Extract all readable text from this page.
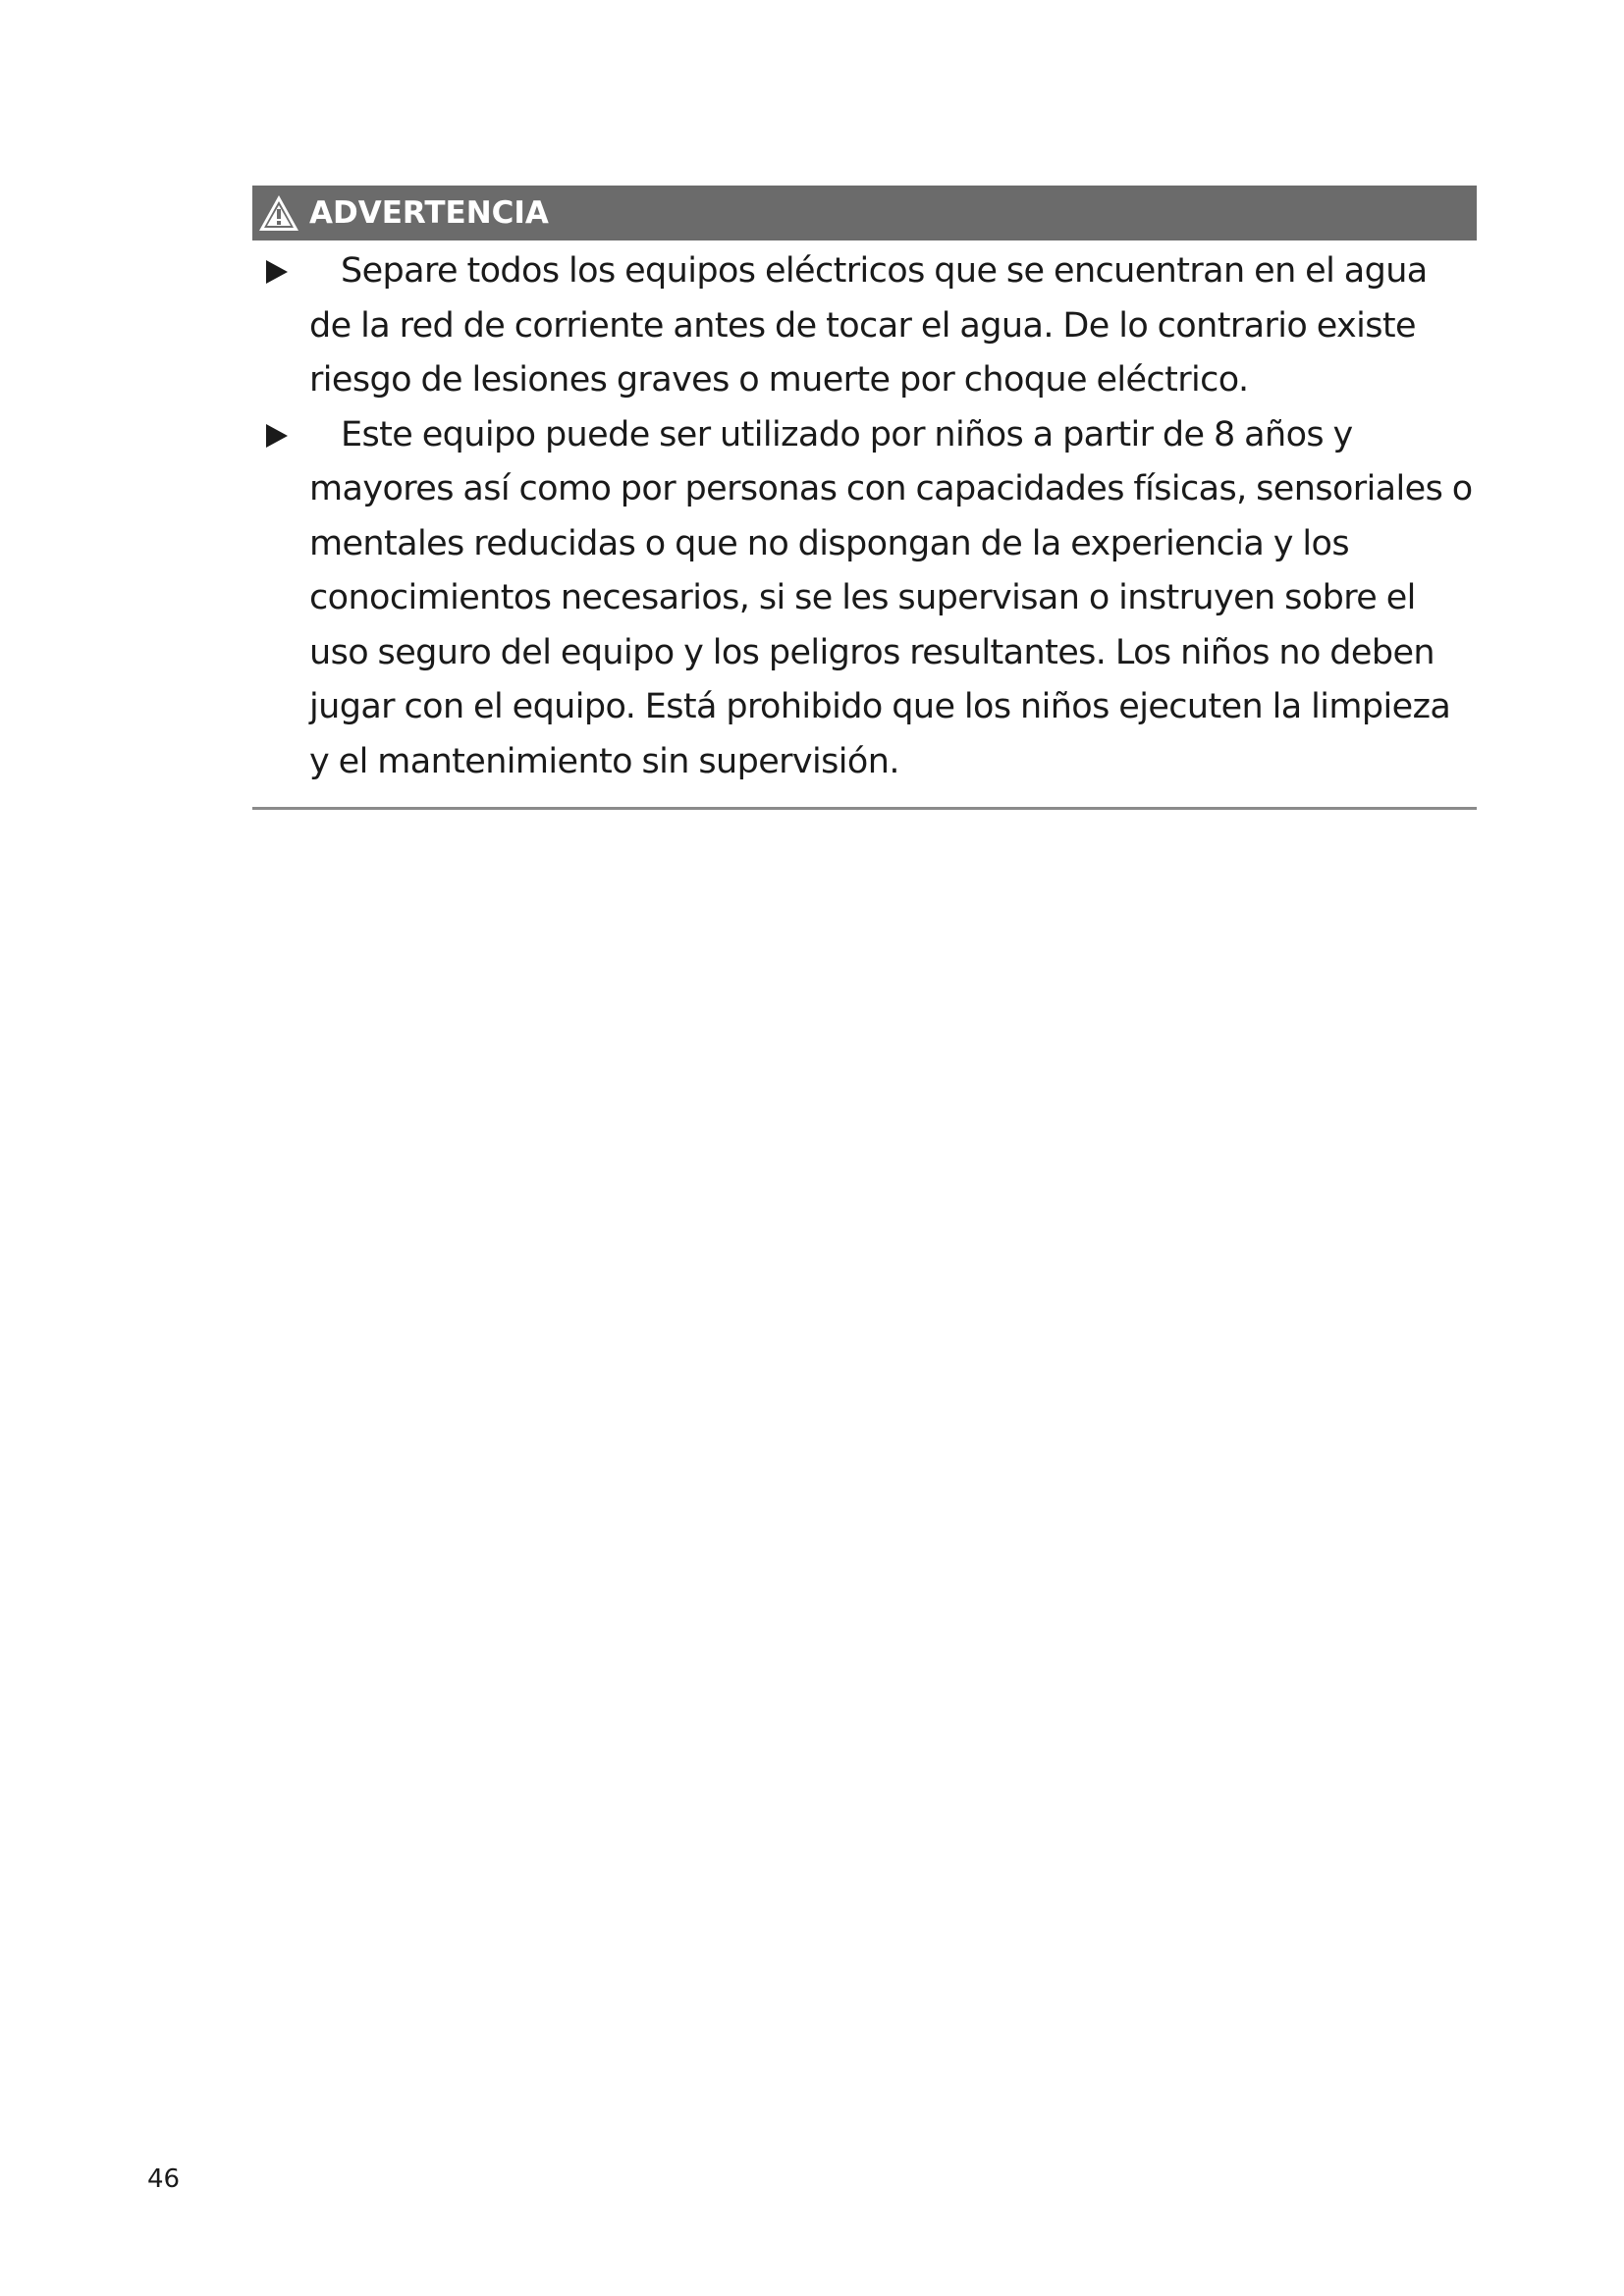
ADVERTENCIA
Separe todos los equipos eléctricos que se encuentran en el agua de la red de corriente antes de tocar el agua. De lo contrario existe riesgo de lesiones graves o muerte por choque eléctrico.
Este equipo puede ser utilizado por niños a partir de 8 años y mayores así como por personas con capacidades físicas, sensoriales o mentales reducidas o que no dispongan de la experiencia y los conocimientos necesarios, si se les supervisan o instruyen sobre el uso seguro del equipo y los peligros resultantes. Los niños no deben jugar con el equipo. Está prohibido que los niños ejecuten la limpieza y el mantenimiento sin supervisión.
46
